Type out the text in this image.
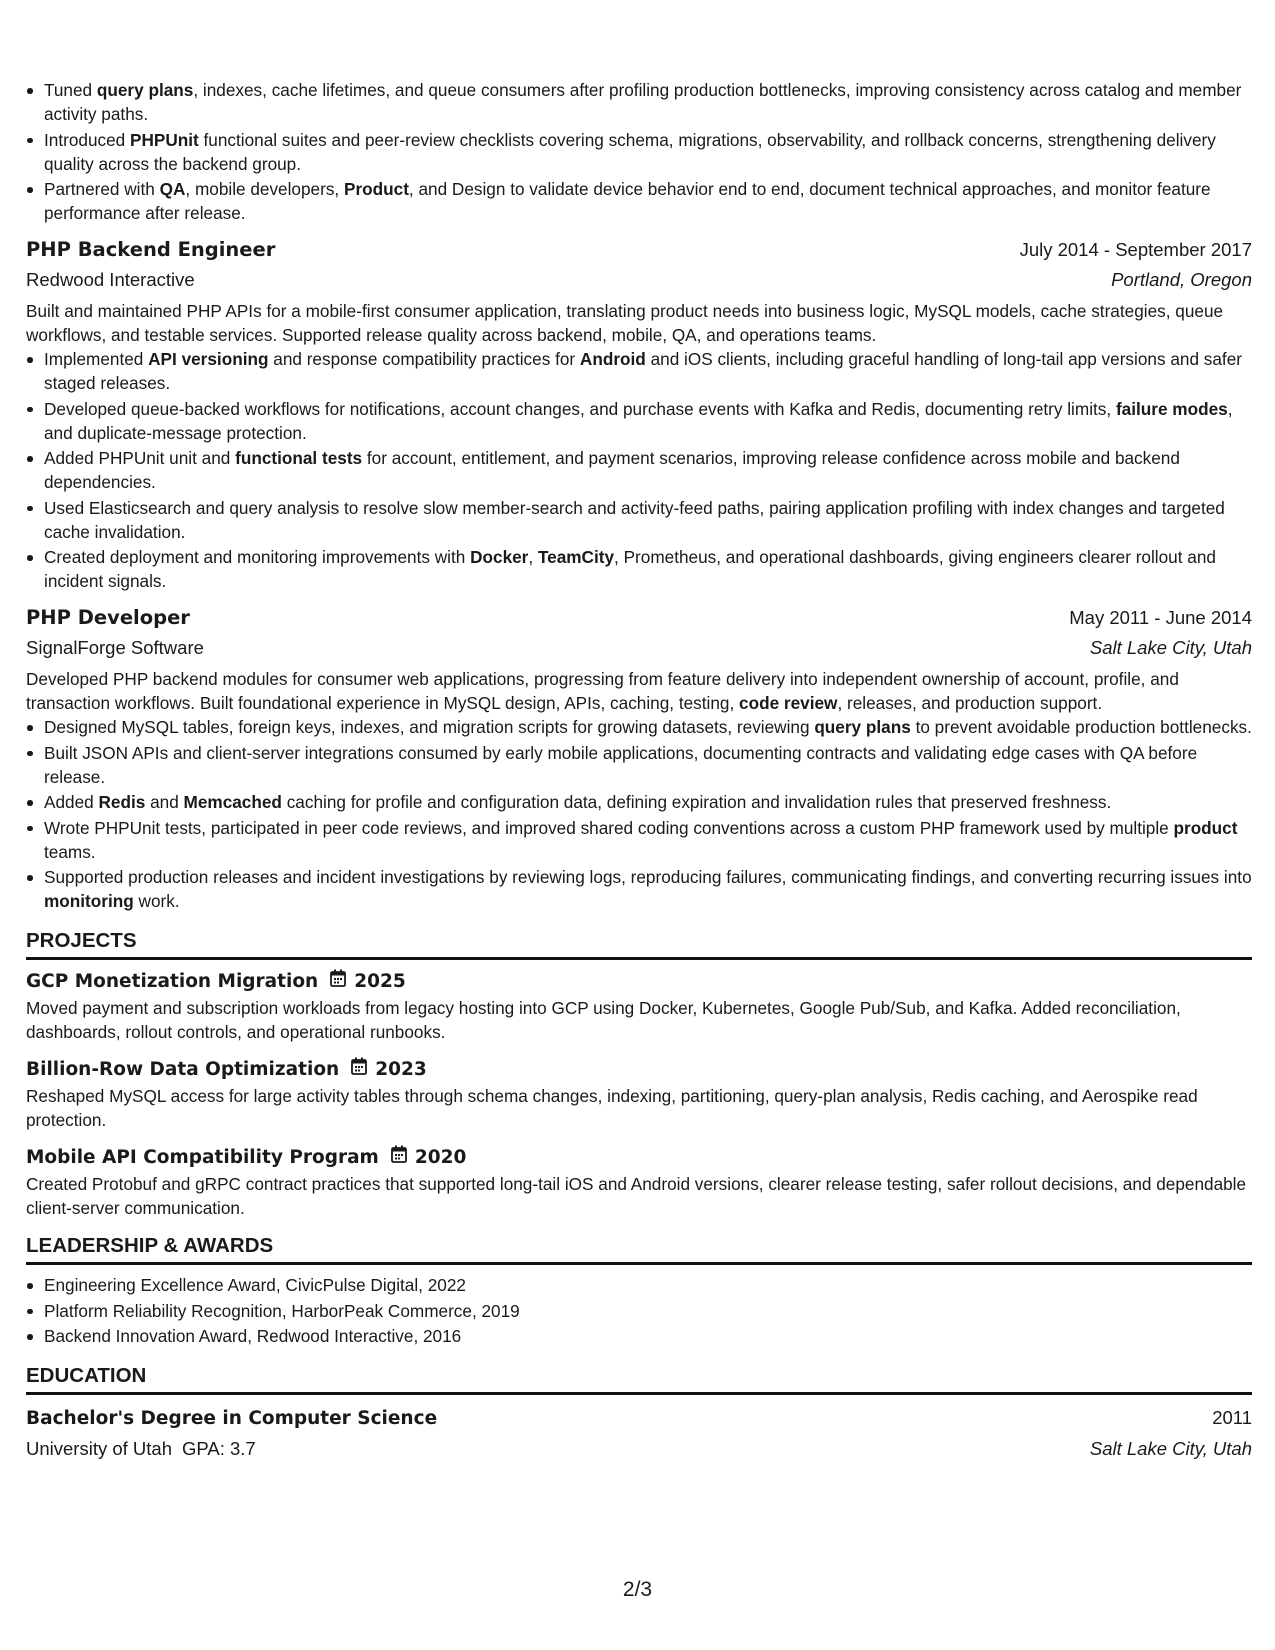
Tuned query plans, indexes, cache lifetimes, and queue consumers after profiling production bottlenecks, improving consistency across catalog and member activity paths.
Introduced PHPUnit functional suites and peer-review checklists covering schema, migrations, observability, and rollback concerns, strengthening delivery quality across the backend group.
Partnered with QA, mobile developers, Product, and Design to validate device behavior end to end, document technical approaches, and monitor feature performance after release.
PHP Backend Engineer	July 2014 - September 2017
Redwood Interactive	Portland, Oregon
Built and maintained PHP APIs for a mobile-first consumer application, translating product needs into business logic, MySQL models, cache strategies, queue workflows, and testable services. Supported release quality across backend, mobile, QA, and operations teams.
Implemented API versioning and response compatibility practices for Android and iOS clients, including graceful handling of long-tail app versions and safer staged releases.
Developed queue-backed workflows for notifications, account changes, and purchase events with Kafka and Redis, documenting retry limits, failure modes, and duplicate-message protection.
Added PHPUnit unit and functional tests for account, entitlement, and payment scenarios, improving release confidence across mobile and backend dependencies.
Used Elasticsearch and query analysis to resolve slow member-search and activity-feed paths, pairing application profiling with index changes and targeted cache invalidation.
Created deployment and monitoring improvements with Docker, TeamCity, Prometheus, and operational dashboards, giving engineers clearer rollout and incident signals.
PHP Developer	May 2011 - June 2014
SignalForge Software	Salt Lake City, Utah
Developed PHP backend modules for consumer web applications, progressing from feature delivery into independent ownership of account, profile, and transaction workflows. Built foundational experience in MySQL design, APIs, caching, testing, code review, releases, and production support.
Designed MySQL tables, foreign keys, indexes, and migration scripts for growing datasets, reviewing query plans to prevent avoidable production bottlenecks.
Built JSON APIs and client-server integrations consumed by early mobile applications, documenting contracts and validating edge cases with QA before release.
Added Redis and Memcached caching for profile and configuration data, defining expiration and invalidation rules that preserved freshness.
Wrote PHPUnit tests, participated in peer code reviews, and improved shared coding conventions across a custom PHP framework used by multiple product teams.
Supported production releases and incident investigations by reviewing logs, reproducing failures, communicating findings, and converting recurring issues into monitoring work.
PROJECTS
GCP Monetization Migration 2025
Moved payment and subscription workloads from legacy hosting into GCP using Docker, Kubernetes, Google Pub/Sub, and Kafka. Added reconciliation, dashboards, rollout controls, and operational runbooks.
Billion-Row Data Optimization 2023
Reshaped MySQL access for large activity tables through schema changes, indexing, partitioning, query-plan analysis, Redis caching, and Aerospike read protection.
Mobile API Compatibility Program 2020
Created Protobuf and gRPC contract practices that supported long-tail iOS and Android versions, clearer release testing, safer rollout decisions, and dependable client-server communication.
LEADERSHIP & AWARDS
Engineering Excellence Award, CivicPulse Digital, 2022
Platform Reliability Recognition, HarborPeak Commerce, 2019
Backend Innovation Award, Redwood Interactive, 2016
EDUCATION
Bachelor's Degree in Computer Science	2011
University of Utah GPA: 3.7	Salt Lake City, Utah
2/3
